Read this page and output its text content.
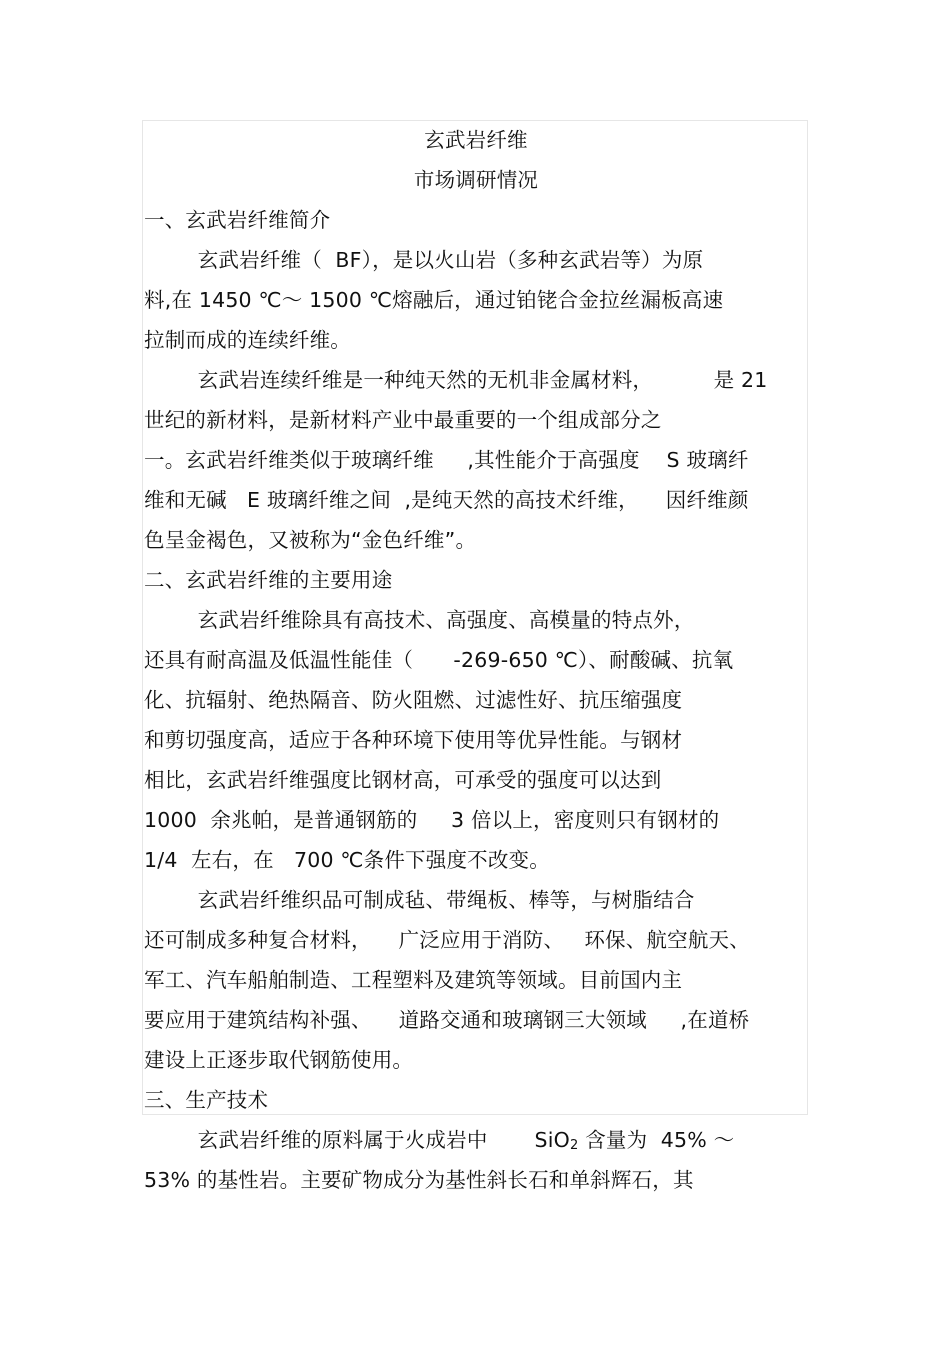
玄武岩纤维
市场调研情况
一、玄武岩纤维简介
玄武岩纤维（  BF），是以火山岩（多种玄武岩等）为原
料,在 1450 ℃～ 1500 ℃熔融后，通过铂铑合金拉丝漏板高速
拉制而成的连续纤维。
玄武岩连续纤维是一种纯天然的无机非金属材料，         是 21
世纪的新材料，是新材料产业中最重要的一个组成部分之
一。玄武岩纤维类似于玻璃纤维     ,其性能介于高强度    S 玻璃纤
维和无碱   E 玻璃纤维之间  ,是纯天然的高技术纤维，    因纤维颜
色呈金褐色，又被称为“金色纤维”。
二、玄武岩纤维的主要用途
玄武岩纤维除具有高技术、高强度、高模量的特点外，
还具有耐高温及低温性能佳（      -269-650 ℃）、耐酸碱、抗氧
化、抗辐射、绝热隔音、防火阻燃、过滤性好、抗压缩强度
和剪切强度高，适应于各种环境下使用等优异性能。与钢材
相比，玄武岩纤维强度比钢材高，可承受的强度可以达到
1000  余兆帕，是普通钢筋的     3 倍以上，密度则只有钢材的
1/4  左右，在   700 ℃条件下强度不改变。
玄武岩纤维织品可制成毡、带绳板、棒等，与树脂结合
还可制成多种复合材料，    广泛应用于消防、   环保、航空航天、
军工、汽车船舶制造、工程塑料及建筑等领域。目前国内主
要应用于建筑结构补强、    道路交通和玻璃钢三大领域     ,在道桥
建设上正逐步取代钢筋使用。
三、生产技术
玄武岩纤维的原料属于火成岩中       SiO2 含量为  45% ～
53% 的基性岩。主要矿物成分为基性斜长石和单斜辉石，其
